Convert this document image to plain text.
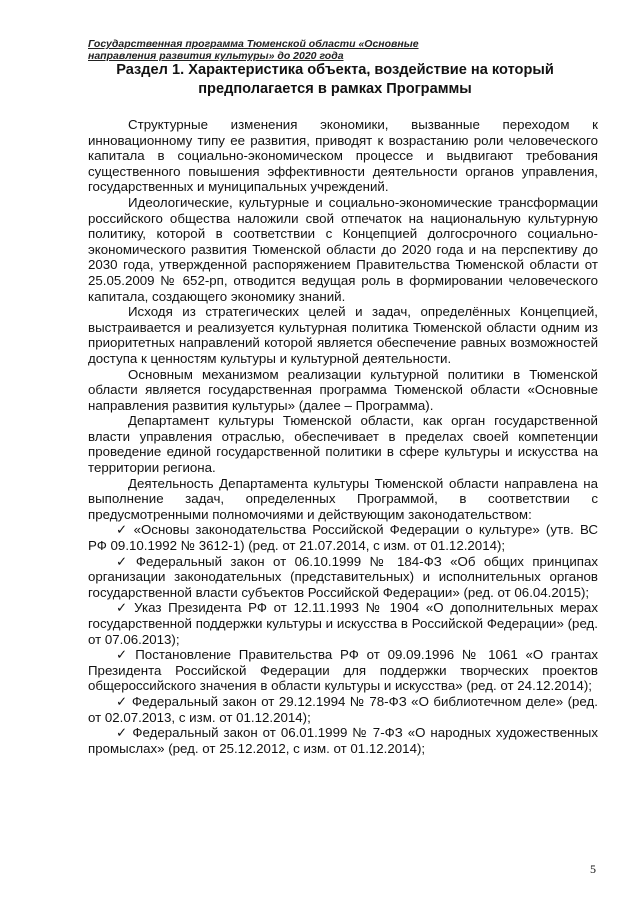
Государственная программа Тюменской области «Основные направления развития культуры» до 2020 года
Раздел 1. Характеристика объекта, воздействие на который предполагается в рамках Программы

Структурные изменения экономики, вызванные переходом к инновационному типу ее развития, приводят к возрастанию роли человеческого капитала в социально-экономическом процессе и выдвигают требования существенного повышения эффективности деятельности органов управления, государственных и муниципальных учреждений.

Идеологические, культурные и социально-экономические трансформации российского общества наложили свой отпечаток на национальную культурную политику, которой в соответствии с Концепцией долгосрочного социально-экономического развития Тюменской области до 2020 года и на перспективу до 2030 года, утвержденной распоряжением Правительства Тюменской области от 25.05.2009 № 652-рп, отводится ведущая роль в формировании человеческого капитала, создающего экономику знаний.

Исходя из стратегических целей и задач, определённых Концепцией, выстраивается и реализуется культурная политика Тюменской области одним из приоритетных направлений которой является обеспечение равных возможностей доступа к ценностям культуры и культурной деятельности.

Основным механизмом реализации культурной политики в Тюменской области является государственная программа Тюменской области «Основные направления развития культуры» (далее – Программа).

Департамент культуры Тюменской области, как орган государственной власти управления отраслью, обеспечивает в пределах своей компетенции проведение единой государственной политики в сфере культуры и искусства на территории региона.

Деятельность Департамента культуры Тюменской области направлена на выполнение задач, определенных Программой, в соответствии с предусмотренными полномочиями и действующим законодательством:

✓ «Основы законодательства Российской Федерации о культуре» (утв. ВС РФ 09.10.1992 № 3612-1) (ред. от 21.07.2014, с изм. от 01.12.2014);

✓ Федеральный закон от 06.10.1999 № 184-ФЗ «Об общих принципах организации законодательных (представительных) и исполнительных органов государственной власти субъектов Российской Федерации» (ред. от 06.04.2015);

✓ Указ Президента РФ от 12.11.1993 № 1904 «О дополнительных мерах государственной поддержки культуры и искусства в Российской Федерации» (ред. от 07.06.2013);

✓ Постановление Правительства РФ от 09.09.1996 № 1061 «О грантах Президента Российской Федерации для поддержки творческих проектов общероссийского значения в области культуры и искусства» (ред. от 24.12.2014);

✓ Федеральный закон от 29.12.1994 № 78-ФЗ «О библиотечном деле» (ред. от 02.07.2013, с изм. от 01.12.2014);

✓ Федеральный закон от 06.01.1999 № 7-ФЗ «О народных художественных промыслах» (ред. от 25.12.2012, с изм. от 01.12.2014);

5
